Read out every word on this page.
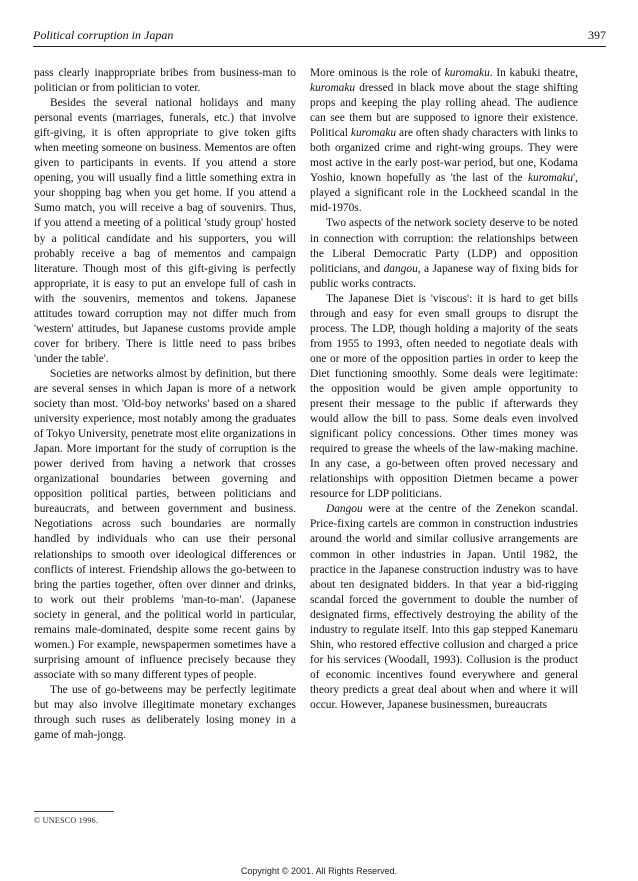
Political corruption in Japan	397

pass clearly inappropriate bribes from business-man to politician or from politician to voter.

Besides the several national holidays and many personal events (marriages, funerals, etc.) that involve gift-giving, it is often appropriate to give token gifts when meeting someone on business. Mementos are often given to participants in events. If you attend a store opening, you will usually find a little something extra in your shopping bag when you get home. If you attend a Sumo match, you will receive a bag of souvenirs. Thus, if you attend a meeting of a political 'study group' hosted by a political candidate and his supporters, you will probably receive a bag of mementos and campaign literature. Though most of this gift-giving is perfectly appropriate, it is easy to put an envelope full of cash in with the souvenirs, mementos and tokens. Japanese attitudes toward corruption may not differ much from 'western' attitudes, but Japanese customs provide ample cover for bribery. There is little need to pass bribes 'under the table'.

Societies are networks almost by definition, but there are several senses in which Japan is more of a network society than most. 'Old-boy networks' based on a shared university experience, most notably among the graduates of Tokyo University, penetrate most elite organizations in Japan. More important for the study of corruption is the power derived from having a network that crosses organizational boundaries between governing and opposition political parties, between politicians and bureaucrats, and between government and business. Negotiations across such boundaries are normally handled by individuals who can use their personal relationships to smooth over ideological differences or conflicts of interest. Friendship allows the go-between to bring the parties together, often over dinner and drinks, to work out their problems 'man-to-man'. (Japanese society in general, and the political world in particular, remains male-dominated, despite some recent gains by women.) For example, newspapermen sometimes have a surprising amount of influence precisely because they associate with so many different types of people.

The use of go-betweens may be perfectly legitimate but may also involve illegitimate monetary exchanges through such ruses as deliberately losing money in a game of mah-jongg.

More ominous is the role of kuromaku. In kabuki theatre, kuromaku dressed in black move about the stage shifting props and keeping the play rolling ahead. The audience can see them but are supposed to ignore their existence. Political kuromaku are often shady characters with links to both organized crime and right-wing groups. They were most active in the early post-war period, but one, Kodama Yoshio, known hopefully as 'the last of the kuromaku', played a significant role in the Lockheed scandal in the mid-1970s.

Two aspects of the network society deserve to be noted in connection with corruption: the relationships between the Liberal Democratic Party (LDP) and opposition politicians, and dangou, a Japanese way of fixing bids for public works contracts.

The Japanese Diet is 'viscous': it is hard to get bills through and easy for even small groups to disrupt the process. The LDP, though holding a majority of the seats from 1955 to 1993, often needed to negotiate deals with one or more of the opposition parties in order to keep the Diet functioning smoothly. Some deals were legitimate: the opposition would be given ample opportunity to present their message to the public if afterwards they would allow the bill to pass. Some deals even involved significant policy concessions. Other times money was required to grease the wheels of the law-making machine. In any case, a go-between often proved necessary and relationships with opposition Dietmen became a power resource for LDP politicians.

Dangou were at the centre of the Zenekon scandal. Price-fixing cartels are common in construction industries around the world and similar collusive arrangements are common in other industries in Japan. Until 1982, the practice in the Japanese construction industry was to have about ten designated bidders. In that year a bid-rigging scandal forced the government to double the number of designated firms, effectively destroying the ability of the industry to regulate itself. Into this gap stepped Kanemaru Shin, who restored effective collusion and charged a price for his services (Woodall, 1993). Collusion is the product of economic incentives found everywhere and general theory predicts a great deal about when and where it will occur. However, Japanese businessmen, bureaucrats

© UNESCO 1996.
Copyright © 2001. All Rights Reserved.
